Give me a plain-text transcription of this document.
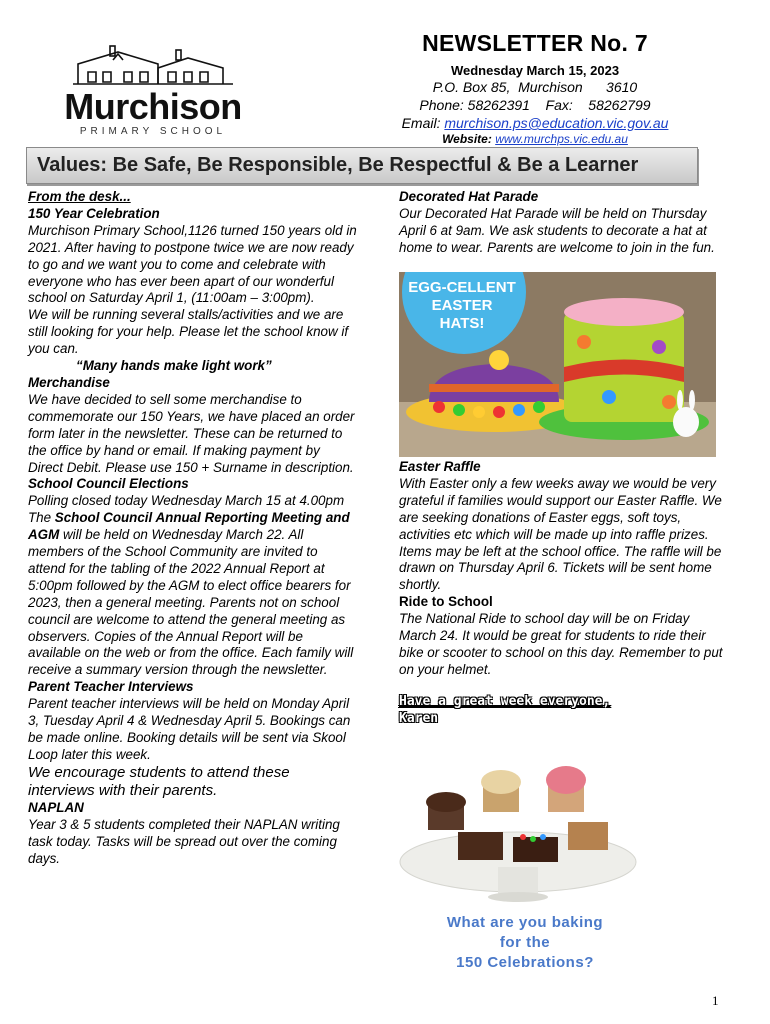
Murchison
PRIMARY SCHOOL
NEWSLETTER No. 7
Wednesday March 15, 2023
P.O. Box 85,  Murchison      3610
Phone: 58262391    Fax:    58262799
Email: murchison.ps@education.vic.gov.au
Website: www.murchps.vic.edu.au
Values: Be Safe, Be Responsible, Be Respectful & Be a Learner

From the desk...

150 Year Celebration

Murchison Primary School,1126 turned 150 years old in 2021. After having to postpone twice we are now ready to go and we want you to come and celebrate with everyone who has ever been apart of our wonderful school on Saturday April 1, (11:00am – 3:00pm).

We will be running several stalls/activities and we are still looking for your help. Please let the school know if you can.

“Many hands make light work”

Merchandise

We have decided to sell some merchandise to commemorate our 150 Years, we have placed an order form later in the newsletter. These can be returned to the office by hand or email. If making payment by Direct Debit. Please use 150 + Surname in description.

School Council Elections

Polling closed today Wednesday March 15 at 4.00pm

The School Council Annual Reporting Meeting and AGM will be held on Wednesday March 22. All members of the School Community are invited to attend for the tabling of the 2022 Annual Report at 5:00pm followed by the AGM to elect office bearers for 2023, then a general meeting. Parents not on school council are welcome to attend the general meeting as observers. Copies of the Annual Report will be available on the web or from the office. Each family will receive a summary version through the newsletter.

Parent Teacher Interviews

Parent teacher interviews will be held on Monday April 3, Tuesday April 4 & Wednesday April 5. Bookings can be made online. Booking details will be sent via Skool Loop later this week.

We encourage students to attend these interviews with their parents.

NAPLAN

Year 3 & 5 students completed their NAPLAN writing task today. Tasks will be spread out over the coming days.

Decorated Hat Parade

Our Decorated Hat Parade will be held on Thursday April 6 at 9am. We ask students to decorate a hat at home to wear. Parents are welcome to join in the fun.

EGG-CELLENT
EASTER
HATS!

Easter Raffle

With Easter only a few weeks away we would be very grateful if families would support our Easter Raffle. We are seeking donations of Easter eggs, soft toys, activities etc which will be made up into raffle prizes. Items may be left at the school office. The raffle will be drawn on Thursday April 6. Tickets will be sent home shortly.

Ride to School

The National Ride to school day will be on Friday March 24. It would be great for students to ride their bike or scooter to school on this day. Remember to put on your helmet.

Have a great week everyone,
Karen
What are you baking
for the
150 Celebrations?
1
